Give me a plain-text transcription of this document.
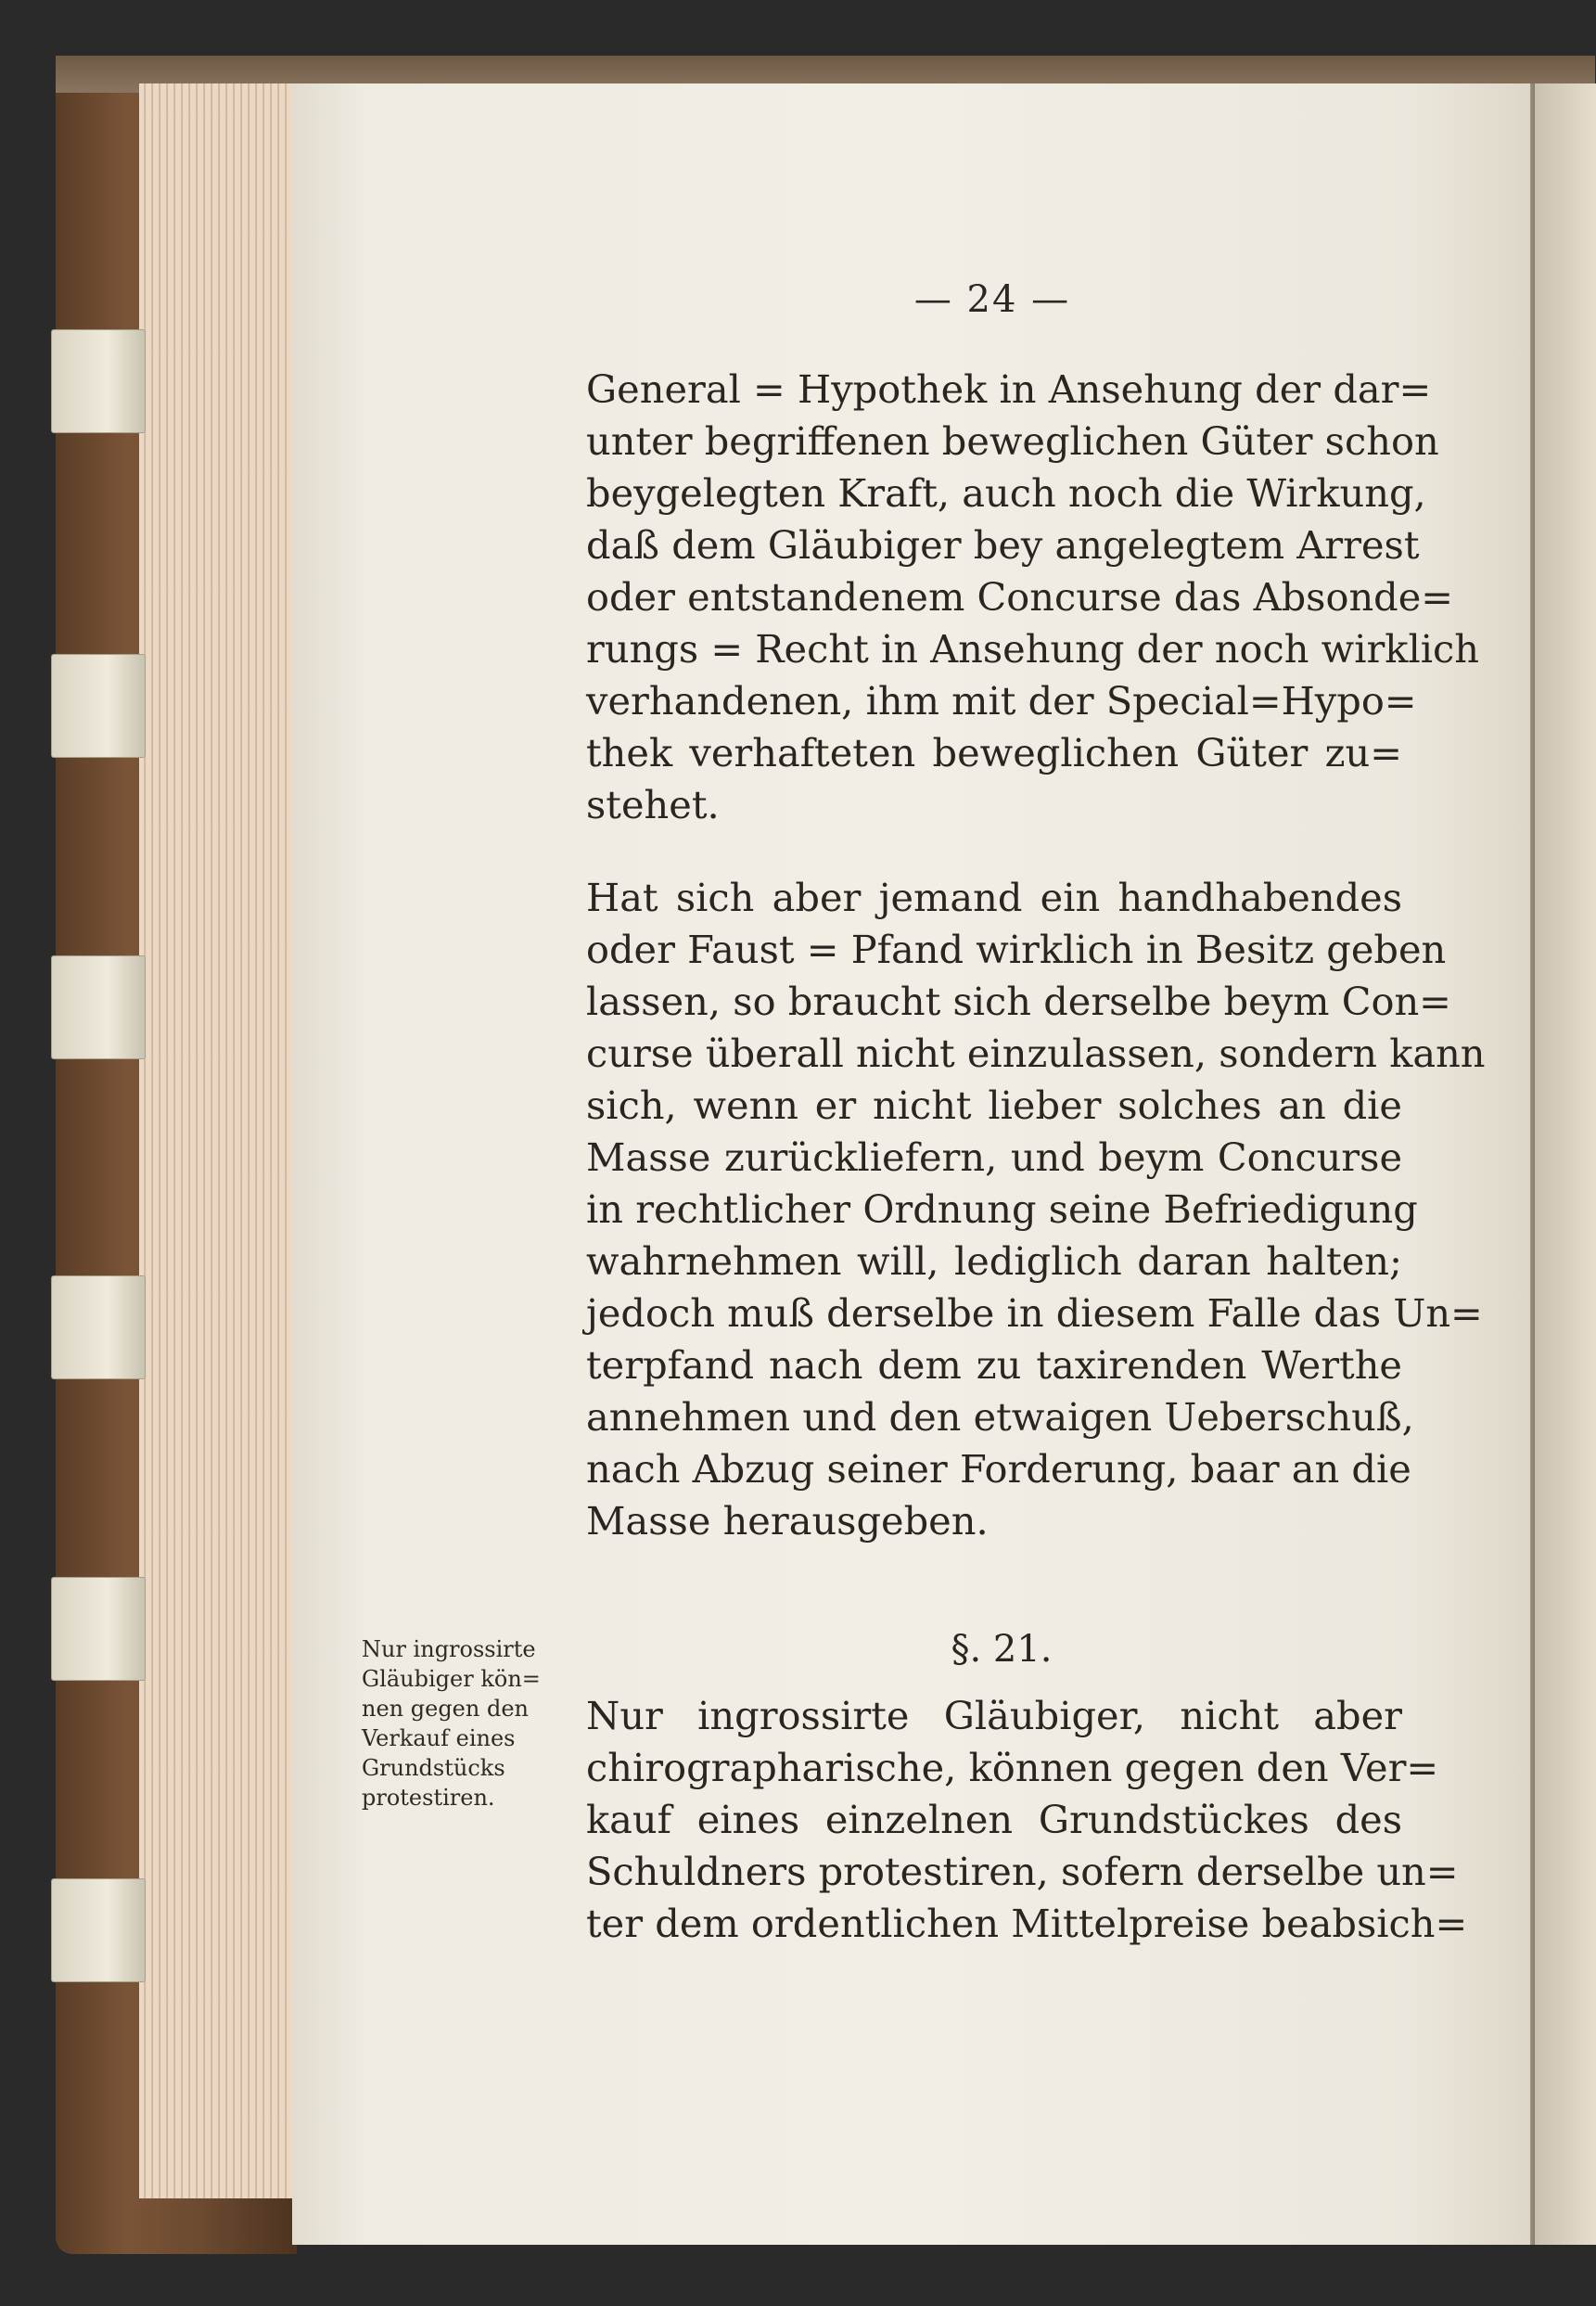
— 24 —
General = Hypothek in Ansehung der dar=
unter begriffenen beweglichen Güter schon
beygelegten Kraft, auch noch die Wirkung,
daß dem Gläubiger bey angelegtem Arrest
oder entstandenem Concurse das Absonde=
rungs = Recht in Ansehung der noch wirklich
verhandenen, ihm mit der Special=Hypo=
thek verhafteten beweglichen Güter zu=
stehet.
Hat sich aber jemand ein handhabendes
oder Faust = Pfand wirklich in Besitz geben
lassen, so braucht sich derselbe beym Con=
curse überall nicht einzulassen, sondern kann
sich, wenn er nicht lieber solches an die
Masse zurückliefern, und beym Concurse
in rechtlicher Ordnung seine Befriedigung
wahrnehmen will, lediglich daran halten;
jedoch muß derselbe in diesem Falle das Un=
terpfand nach dem zu taxirenden Werthe
annehmen und den etwaigen Ueberschuß,
nach Abzug seiner Forderung, baar an die
Masse herausgeben.
§. 21.
Nur ingrossirte
Gläubiger kön=
nen gegen den
Verkauf eines
Grundstücks
protestiren.
Nur ingrossirte Gläubiger, nicht aber
chirographarische, können gegen den Ver=
kauf eines einzelnen Grundstückes des
Schuldners protestiren, sofern derselbe un=
ter dem ordentlichen Mittelpreise beabsich=
